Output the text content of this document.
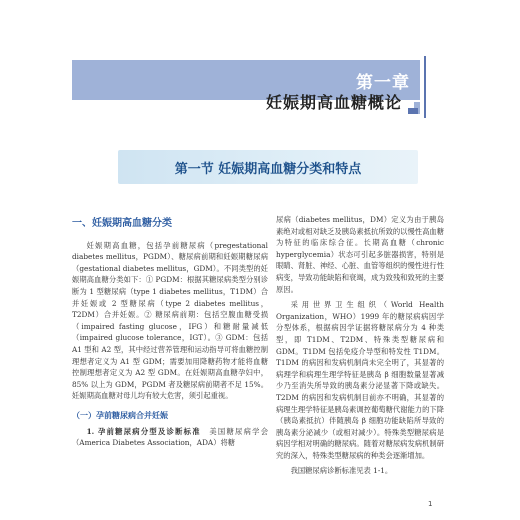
第一章
妊娠期高血糖概论
第一节 妊娠期高血糖分类和特点

一、妊娠期高血糖分类

妊娠期高血糖，包括孕前糖尿病（pregestational diabetes mellitus，PGDM）、糖尿病前期和妊娠期糖尿病（gestational diabetes mellitus，GDM）。不同类型的妊娠期高血糖分类如下：① PGDM：根据其糖尿病类型分别诊断为 1 型糖尿病（type 1 diabetes mellitus，T1DM）合并妊娠或 2 型糖尿病（type 2 diabetes mellitus，T2DM）合并妊娠。② 糖尿病前期：包括空腹血糖受损（impaired fasting glucose，IFG）和糖耐量减低（impaired glucose tolerance，IGT）。③ GDM：包括 A1 型和 A2 型，其中经过营养管理和运动指导可将血糖控制理想者定义为 A1 型 GDM；需要加用降糖药物才能将血糖控制理想者定义为 A2 型 GDM。在妊娠期高血糖孕妇中，85% 以上为 GDM，PGDM 者及糖尿病前期者不足 15%。妊娠期高血糖对母儿均有较大危害，须引起重视。

（一）孕前糖尿病合并妊娠

1. 孕前糖尿病分型及诊断标准　 美国糖尿病学会（America Diabetes Association，ADA）将糖

尿病（diabetes mellitus，DM）定义为由于胰岛素绝对或相对缺乏及胰岛素抵抗所致的以慢性高血糖为特征的临床综合征。长期高血糖（chronic hyperglycemia）状态可引起多脏器损害，特别是眼睛、肾脏、神经、心脏、血管等组织的慢性进行性病变，导致功能缺陷和衰竭，成为致残和致死的主要原因。

采用世界卫生组织（World Health Organization，WHO）1999 年的糖尿病病因学分型体系，根据病因学证据将糖尿病分为 4 种类型，即 T1DM、T2DM、特殊类型糖尿病和 GDM。T1DM 包括免疫介导型和特发性 T1DM。T1DM 的病因和发病机制尚未完全明了，其显著的病理学和病理生理学特征是胰岛 β 细胞数量显著减少乃至消失所导致的胰岛素分泌显著下降或缺失。T2DM 的病因和发病机制目前亦不明确，其显著的病理生理学特征是胰岛素调控葡萄糖代谢能力的下降（胰岛素抵抗）伴随胰岛 β 细胞功能缺陷所导致的胰岛素分泌减少（或相对减少）。特殊类型糖尿病是病因学相对明确的糖尿病。随着对糖尿病发病机制研究的深入，特殊类型糖尿病的种类会逐渐增加。

我国糖尿病诊断标准见表 1-1。

1
